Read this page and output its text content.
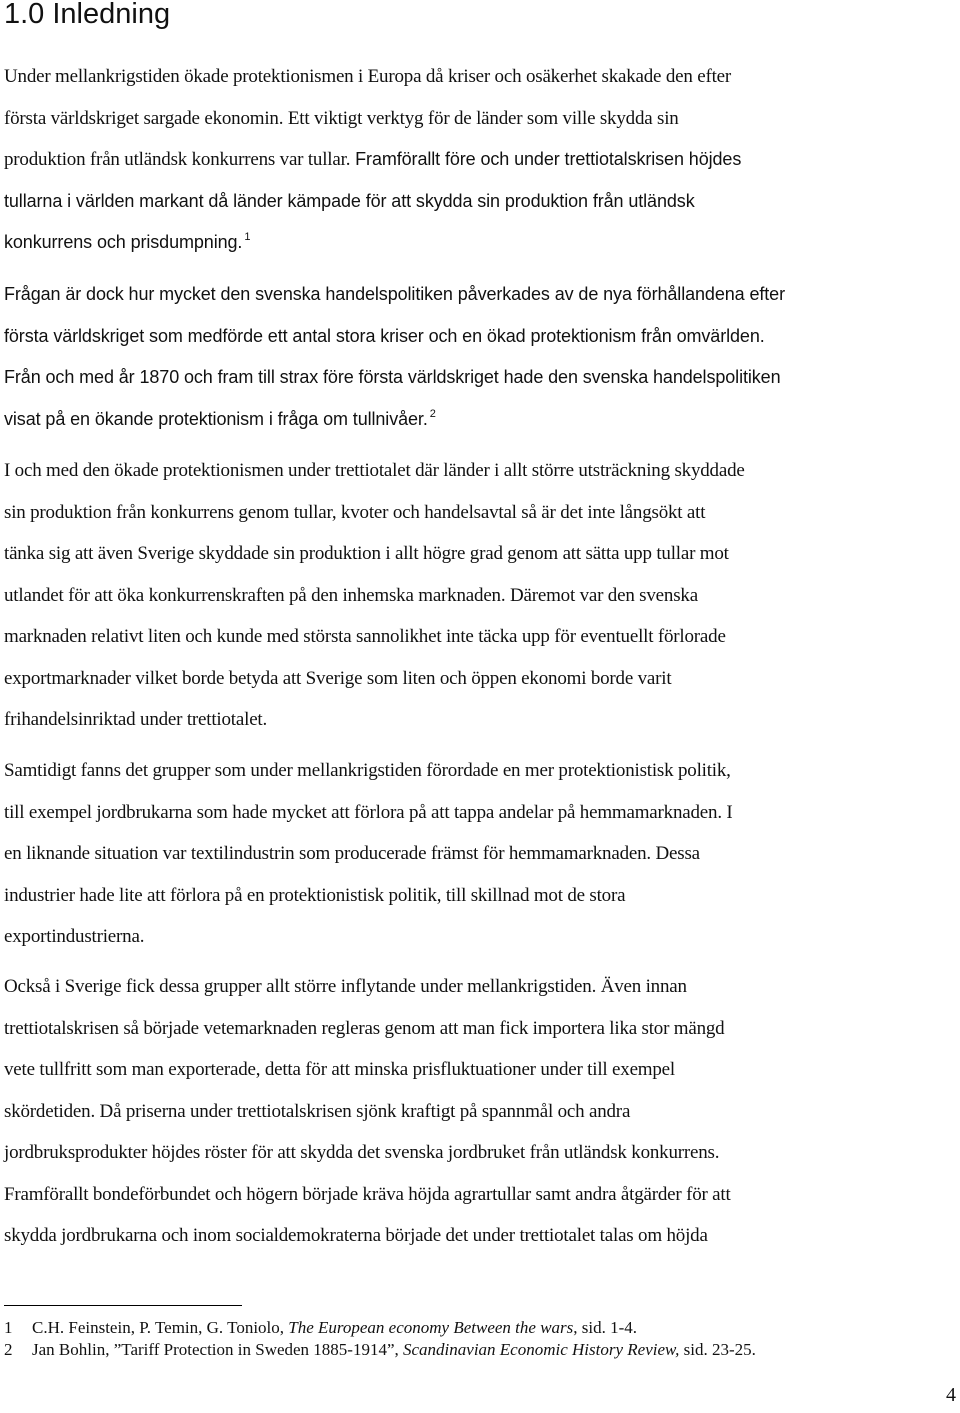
1.0 Inledning
Under mellankrigstiden ökade protektionismen i Europa då kriser och osäkerhet skakade den efter
första världskriget sargade ekonomin. Ett viktigt verktyg för de länder som ville skydda sin
produktion från utländsk konkurrens var tullar. Framförallt före och under trettiotalskrisen höjdes
tullarna i världen markant då länder kämpade för att skydda sin produktion från utländsk
konkurrens och prisdumpning. $^1$
Frågan är dock hur mycket den svenska handelspolitiken påverkades av de nya förhållandena efter
första världskriget som medförde ett antal stora kriser och en ökad protektionism från omvärlden.
Från och med år 1870 och fram till strax före första världskriget hade den svenska handelspolitiken
visat på en ökande protektionism i fråga om tullnivåer. $^2$
I och med den ökade protektionismen under trettiotalet där länder i allt större utsträckning skyddade
sin produktion från konkurrens genom tullar, kvoter och handelsavtal så är det inte långsökt att
tänka sig att även Sverige skyddade sin produktion i allt högre grad genom att sätta upp tullar mot
utlandet för att öka konkurrenskraften på den inhemska marknaden. Däremot var den svenska
marknaden relativt liten och kunde med största sannolikhet inte täcka upp för eventuellt förlorade
exportmarknader vilket borde betyda att Sverige som liten och öppen ekonomi borde varit
frihandelsinriktad under trettiotalet.
Samtidigt fanns det grupper som under mellankrigstiden förordade en mer protektionistisk politik,
till exempel jordbrukarna som hade mycket att förlora på att tappa andelar på hemmamarknaden. I
en liknande situation var textilindustrin som producerade främst för hemmamarknaden. Dessa
industrier hade lite att förlora på en protektionistisk politik, till skillnad mot de stora
exportindustrierna.
Också i Sverige fick dessa grupper allt större inflytande under mellankrigstiden. Även innan
trettiotalskrisen så började vetemarknaden regleras genom att man fick importera lika stor mängd
vete tullfritt som man exporterade, detta för att minska prisfluktuationer under till exempel
skördetiden. Då priserna under trettiotalskrisen sjönk kraftigt på spannmål och andra
jordbruksprodukter höjdes röster för att skydda det svenska jordbruket från utländsk konkurrens.
Framförallt bondeförbundet och högern började kräva höjda agrartullar samt andra åtgärder för att
skydda jordbrukarna och inom socialdemokraterna började det under trettiotalet talas om höjda
1 C.H. Feinstein, P. Temin, G. Toniolo, The European economy Between the wars, sid. 1-4.
2 Jan Bohlin, ”Tariff Protection in Sweden 1885-1914”, Scandinavian Economic History Review, sid. 23-25.
4
